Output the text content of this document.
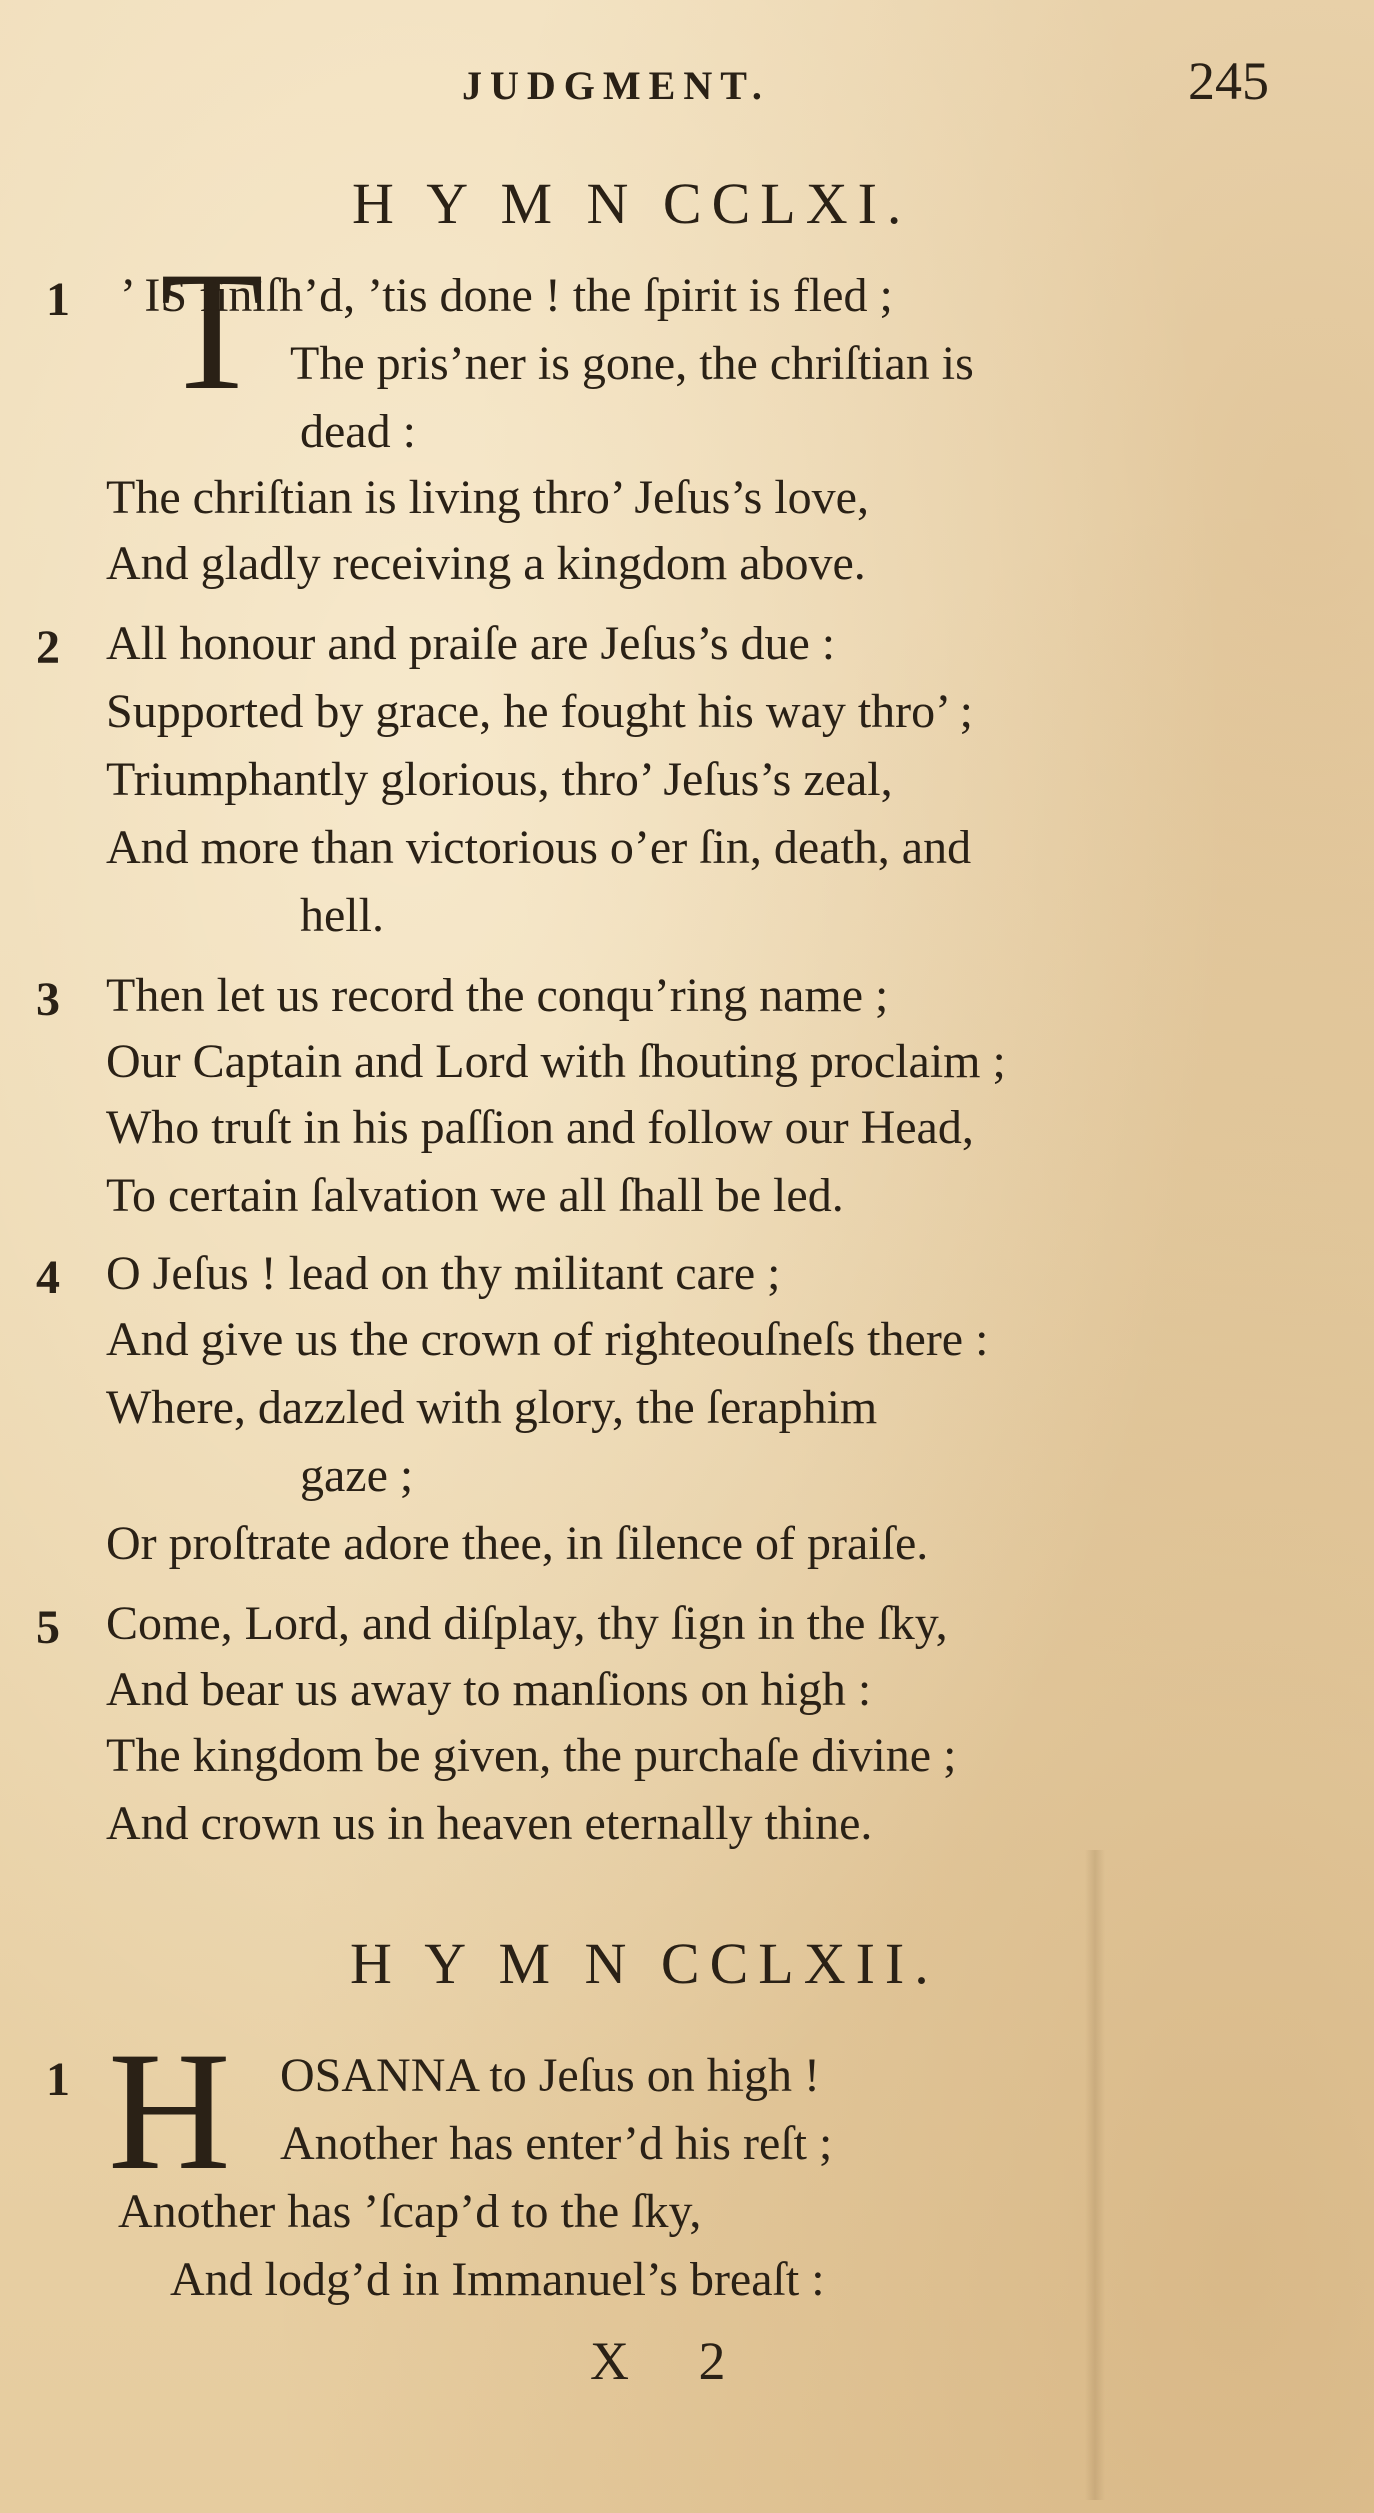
JUDGMENT.	245
H Y M N CCLXI.
1 T
’ IS finiſh’d, ’tis done ! the ſpirit is fled ;
The pris’ner is gone, the chriſtian is
dead :
The chriſtian is living thro’ Jeſus’s love,
And gladly receiving a kingdom above.
2 All honour and praiſe are Jeſus’s due :
Supported by grace, he fought his way thro’ ;
Triumphantly glorious, thro’ Jeſus’s zeal,
And more than victorious o’er ſin, death, and
hell.
3 Then let us record the conqu’ring name ;
Our Captain and Lord with ſhouting proclaim ;
Who truſt in his paſſion and follow our Head,
To certain ſalvation we all ſhall be led.
4 O Jeſus ! lead on thy militant care ;
And give us the crown of righteouſneſs there :
Where, dazzled with glory, the ſeraphim
gaze ;
Or proſtrate adore thee, in ſilence of praiſe.
5 Come, Lord, and diſplay, thy ſign in the ſky,
And bear us away to manſions on high :
The kingdom be given, the purchaſe divine ;
And crown us in heaven eternally thine.
H Y M N CCLXII.
1 H OSANNA to Jeſus on high !
Another has enter’d his reſt ;
Another has ’ſcap’d to the ſky,
And lodg’d in Immanuel’s breaſt :
X 2
